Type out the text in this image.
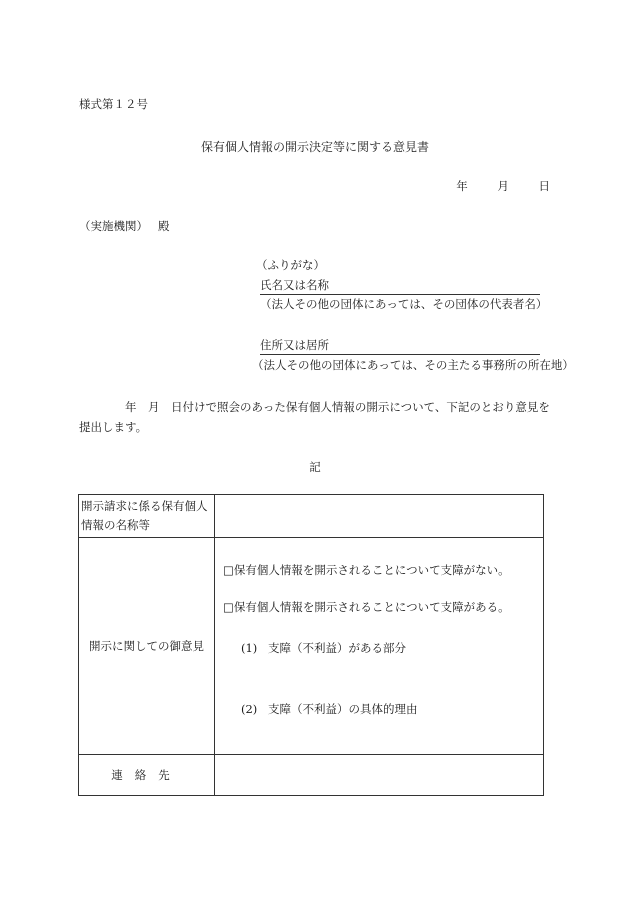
様式第１２号
保有個人情報の開示決定等に関する意見書
年	月	日
（実施機関） 殿
（ふりがな）
氏名又は名称
（法人その他の団体にあっては、その団体の代表者名）
住所又は居所
（法人その他の団体にあっては、その主たる事務所の所在地）
年　月　日付けで照会のあった保有個人情報の開示について、下記のとおり意見を提出します。
記
開示請求に係る保有個人情報の名称等	
開示に関しての御意見	□保有個人情報を開示されることについて支障がない。
□保有個人情報を開示されることについて支障がある。
(1) 支障（不利益）がある部分
(2) 支障（不利益）の具体的理由

連絡先	
